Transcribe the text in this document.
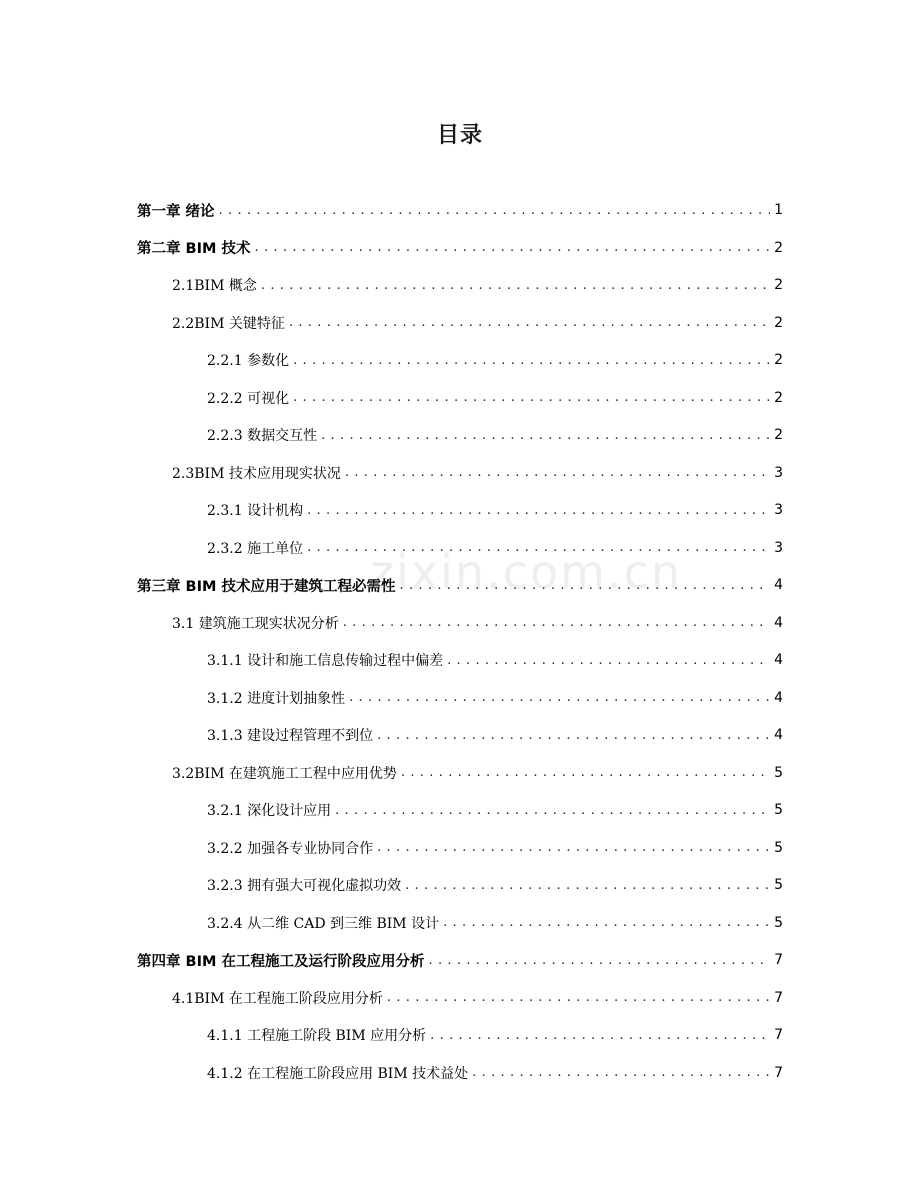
目录
第一章 绪论 . . .	1
第二章 BIM 技术 . . .	2
2.1BIM 概念 . . .	2
2.2BIM 关键特征 . . .	2
2.2.1 参数化 . . .	2
2.2.2 可视化 . . .	2
2.2.3 数据交互性 . . .	2
2.3BIM 技术应用现实状况 . . .	3
2.3.1 设计机构 . . .	3
2.3.2 施工单位 . . .	3
第三章 BIM 技术应用于建筑工程必需性 . . .	4
3.1 建筑施工现实状况分析 . . .	4
3.1.1 设计和施工信息传输过程中偏差 . . .	4
3.1.2 进度计划抽象性 . . .	4
3.1.3 建设过程管理不到位 . . .	4
3.2BIM 在建筑施工工程中应用优势 . . .	5
3.2.1 深化设计应用 . . .	5
3.2.2 加强各专业协同合作 . . .	5
3.2.3 拥有强大可视化虚拟功效 . . .	5
3.2.4 从二维 CAD 到三维 BIM 设计 . . .	5
第四章 BIM 在工程施工及运行阶段应用分析 . . .	7
4.1BIM 在工程施工阶段应用分析 . . .	7
4.1.1 工程施工阶段 BIM 应用分析 . . .	7
4.1.2 在工程施工阶段应用 BIM 技术益处 . . .	7
zixin.com.cn
